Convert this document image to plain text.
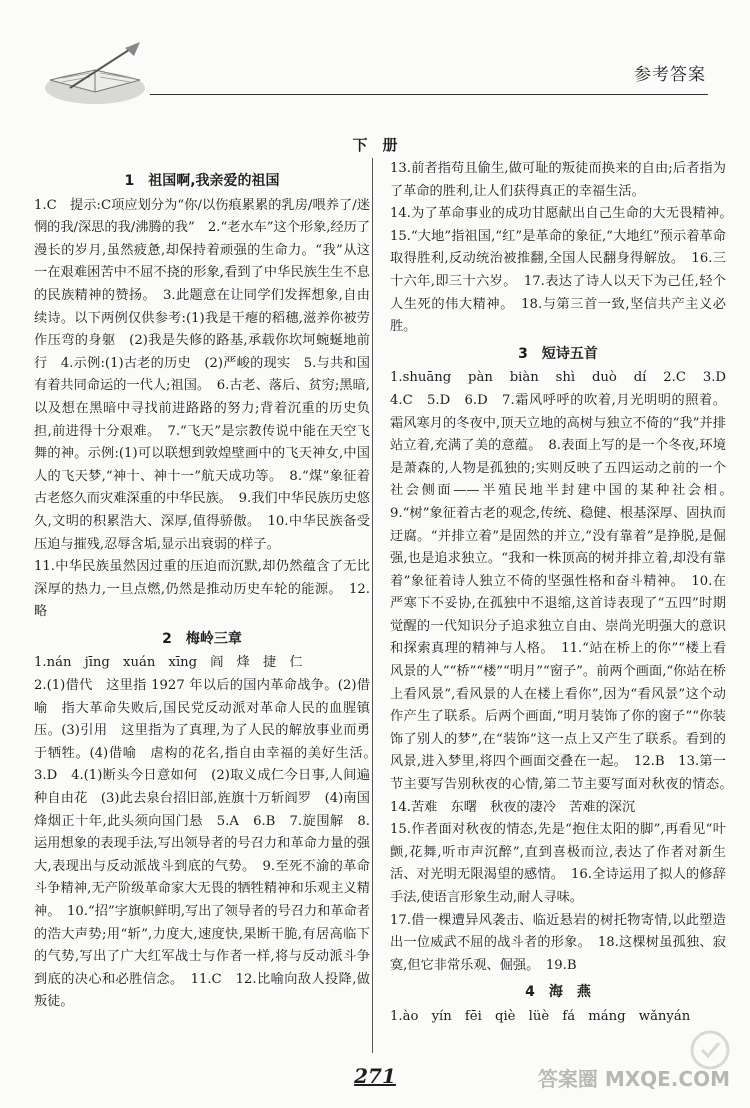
参考答案
下　册
1　祖国啊,我亲爱的祖国

1.C　提示:C项应划分为“你/以伤痕累累的乳房/喂养了/迷惘的我/深思的我/沸腾的我”　2.“老水车”这个形象,经历了漫长的岁月,虽然疲惫,却保持着顽强的生命力。“我”从这一在艰难困苦中不屈不挠的形象,看到了中华民族生生不息的民族精神的赞扬。　3.此题意在让同学们发挥想象,自由续诗。以下两例仅供参考:(1)我是干瘪的稻穗,滋养你被劳作压弯的身躯　(2)我是失修的路基,承载你坎坷蜿蜒地前行　4.示例:(1)古老的历史　(2)严峻的现实　5.与共和国有着共同命运的一代人;祖国。　6.古老、落后、贫穷;黑暗,以及想在黑暗中寻找前进路路的努力;背着沉重的历史负担,前进得十分艰难。　7.“飞天”是宗教传说中能在天空飞舞的神。示例:(1)可以联想到敦煌壁画中的飞天神女,中国人的飞天梦,“神十、神十一”航天成功等。　8.“煤”象征着古老悠久而灾难深重的中华民族。　9.我们中华民族历史悠久,文明的积累浩大、深厚,值得骄傲。　10.中华民族备受压迫与摧残,忍辱含垢,显示出衰弱的样子。

11.中华民族虽然因过重的压迫而沉默,却仍然蕴含了无比深厚的热力,一旦点燃,仍然是推动历史车轮的能源。　12.略

2　梅岭三章

1.nán　jīng　xuán　xīng　阎　烽　捷　仁

2.(1)借代　这里指 1927 年以后的国内革命战争。(2)借喻　指大革命失败后,国民党反动派对革命人民的血腥镇压。(3)引用　这里指为了真理,为了人民的解放事业而勇于牺牲。(4)借喻　虐构的花名,指自由幸福的美好生活。　3.D　4.(1)断头今日意如何　(2)取义成仁今日事,人间遍种自由花　(3)此去泉台招旧部,旌旗十万斩阎罗　(4)南国烽烟正十年,此头须向国门悬　5.A　6.B　7.旋围解　8.运用想象的表现手法,写出领导者的号召力和革命力量的强大,表现出与反动派战斗到底的气势。　9.至死不渝的革命斗争精神,无产阶级革命家大无畏的牺牲精神和乐观主义精神。　10.“招”字旗帜鲜明,写出了领导者的号召力和革命者的浩大声势;用“斩”,力度大,速度快,果断干脆,有居高临下的气势,写出了广大红军战士与作者一样,将与反动派斗争到底的决心和必胜信念。　11.C　12.比喻向敌人投降,做叛徒。

13.前者指苟且偷生,做可耻的叛徒而换来的自由;后者指为了革命的胜利,让人们获得真正的幸福生活。

14.为了革命事业的成功甘愿献出自己生命的大无畏精神。　15.“大地”指祖国,“红”是革命的象征,“大地红”预示着革命取得胜利,反动统治被推翻,全国人民翻身得解放。　16.三十六年,即三十六岁。　17.表达了诗人以天下为己任,轻个人生死的伟大精神。　18.与第三首一致,坚信共产主义必胜。

3　短诗五首

1.shuāng　pàn　biàn　shì　duò　dí　2.C　3.D　4.C　5.D　6.D　7.霜风呼呼的吹着,月光明明的照着。霜风寒月的冬夜中,顶天立地的高树与独立不倚的“我”并排站立着,充满了美的意蕴。　8.表面上写的是一个冬夜,环境是萧森的,人物是孤独的;实则反映了五四运动之前的一个社会侧面——半殖民地半封建中国的某种社会相。　9.“树”象征着古老的观念,传统、稳健、根基深厚、固执而迂腐。“并排立着”是固然的并立,“没有靠着”是挣脱,是倔强,也是追求独立。“我和一株顶高的树并排立着,却没有靠着”象征着诗人独立不倚的坚强性格和奋斗精神。　10.在严寒下不妥协,在孤独中不退缩,这首诗表现了“五四”时期觉醒的一代知识分子追求独立自由、崇尚光明强大的意识和探索真理的精神与人格。　11.“站在桥上的你”“楼上看风景的人”“桥”“楼”“明月”“窗子”。前两个画面,“你站在桥上看风景”,看风景的人在楼上看你”,因为“看风景”这个动作产生了联系。后两个画面,“明月装饰了你的窗子”“你装饰了别人的梦”,在“装饰”这一点上又产生了联系。看到的风景,进入梦里,将四个画面交叠在一起。　12.B　13.第一节主要写告别秋夜的心情,第二节主要写面对秋夜的情态。　14.苦难　东曙　秋夜的凄冷　苦难的深沉

15.作者面对秋夜的情态,先是“抱住太阳的脚”,再看见“叶颤,花舞,听市声沉醉”,直到喜极而泣,表达了作者对新生活、对光明无限渴望的感情。　16.全诗运用了拟人的修辞手法,使语言形象生动,耐人寻味。

17.借一棵遭异风袭击、临近悬岩的树托物寄情,以此塑造出一位威武不屈的战斗者的形象。　18.这棵树虽孤独、寂寞,但它非常乐观、倔强。　19.B

4　海　燕

1.ào　yín　fēi　qiè　lüè　fá　máng　wǎnyán

271	答案圈 MXQE.COM
